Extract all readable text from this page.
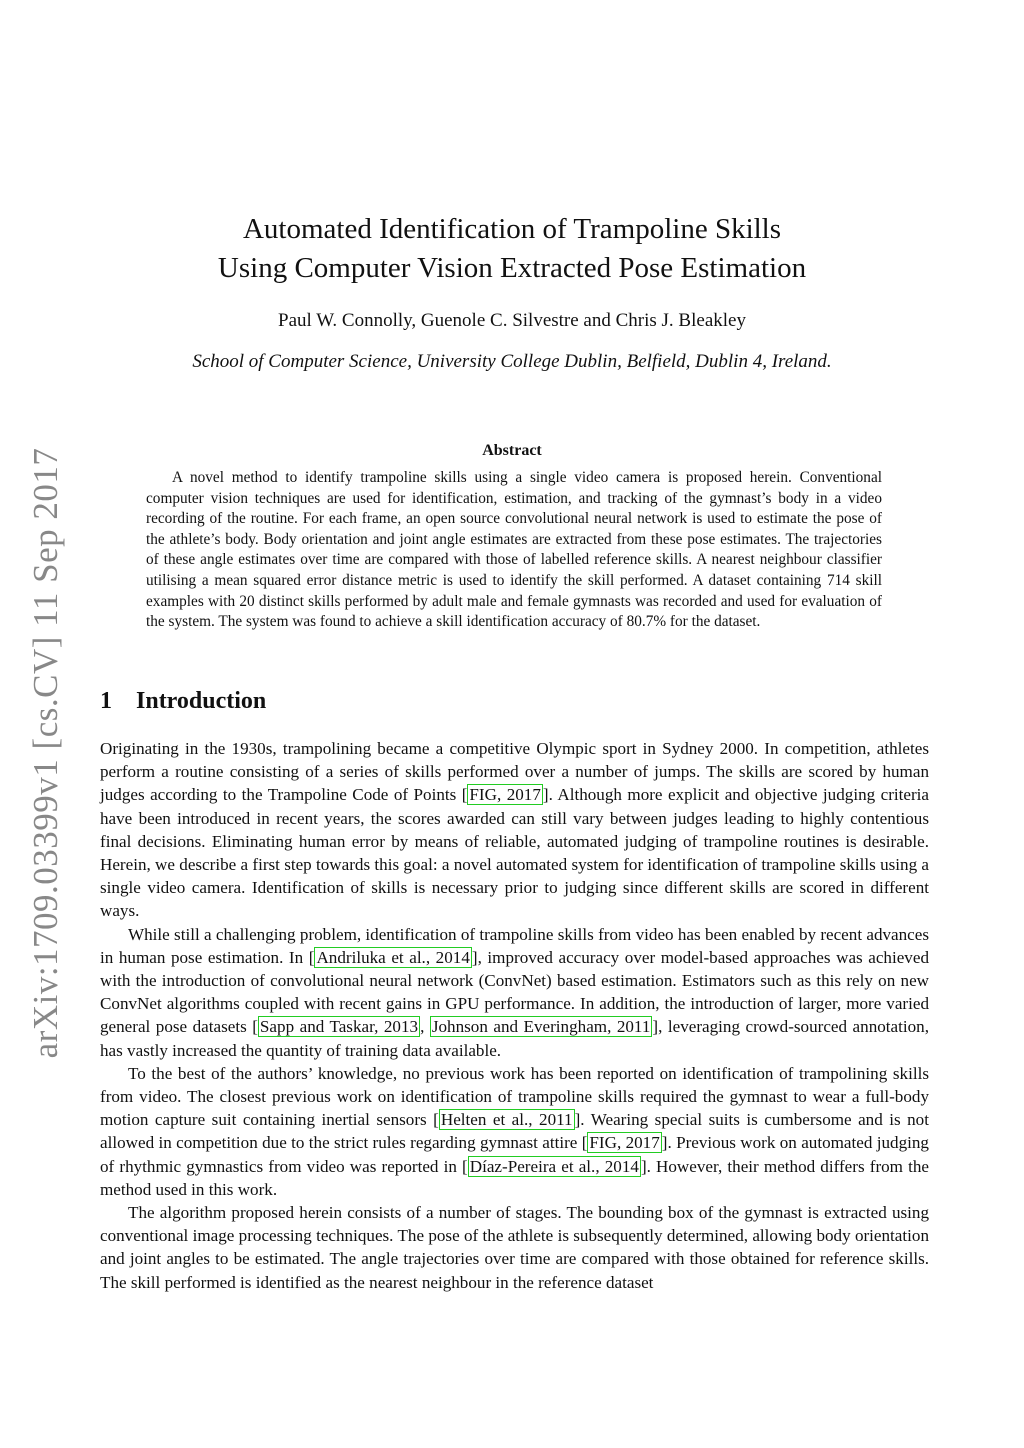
arXiv:1709.03399v1 [cs.CV] 11 Sep 2017
Automated Identification of Trampoline Skills
Using Computer Vision Extracted Pose Estimation
Paul W. Connolly, Guenole C. Silvestre and Chris J. Bleakley
School of Computer Science, University College Dublin, Belfield, Dublin 4, Ireland.
Abstract

A novel method to identify trampoline skills using a single video camera is proposed herein. Conventional computer vision techniques are used for identification, estimation, and tracking of the gymnast’s body in a video recording of the routine. For each frame, an open source convolutional neural network is used to estimate the pose of the athlete’s body. Body orientation and joint angle estimates are extracted from these pose estimates. The trajectories of these angle estimates over time are compared with those of labelled reference skills. A nearest neighbour classifier utilising a mean squared error distance metric is used to identify the skill performed. A dataset containing 714 skill examples with 20 distinct skills performed by adult male and female gymnasts was recorded and used for evaluation of the system. The system was found to achieve a skill identification accuracy of 80.7% for the dataset.

1 Introduction

Originating in the 1930s, trampolining became a competitive Olympic sport in Sydney 2000. In competition, athletes perform a routine consisting of a series of skills performed over a number of jumps. The skills are scored by human judges according to the Trampoline Code of Points [ FIG, 2017 ]. Although more explicit and objective judging criteria have been introduced in recent years, the scores awarded can still vary between judges leading to highly contentious final decisions. Eliminating human error by means of reliable, automated judging of trampoline routines is desirable. Herein, we describe a first step towards this goal: a novel automated system for identification of trampoline skills using a single video camera. Identification of skills is necessary prior to judging since different skills are scored in different ways.

While still a challenging problem, identification of trampoline skills from video has been enabled by recent advances in human pose estimation. In [ Andriluka et al., 2014 ], improved accuracy over model-based approaches was achieved with the introduction of convolutional neural network (ConvNet) based estimation. Estimators such as this rely on new ConvNet algorithms coupled with recent gains in GPU performance. In addition, the introduction of larger, more varied general pose datasets [ Sapp and Taskar, 2013 , Johnson and Everingham, 2011 ], leveraging crowd-sourced annotation, has vastly increased the quantity of training data available.

To the best of the authors’ knowledge, no previous work has been reported on identification of trampolining skills from video. The closest previous work on identification of trampoline skills required the gymnast to wear a full-body motion capture suit containing inertial sensors [ Helten et al., 2011 ]. Wearing special suits is cumbersome and is not allowed in competition due to the strict rules regarding gymnast attire [ FIG, 2017 ]. Previous work on automated judging of rhythmic gymnastics from video was reported in [ Díaz-Pereira et al., 2014 ]. However, their method differs from the method used in this work.

The algorithm proposed herein consists of a number of stages. The bounding box of the gymnast is extracted using conventional image processing techniques. The pose of the athlete is subsequently determined, allowing body orientation and joint angles to be estimated. The angle trajectories over time are compared with those obtained for reference skills. The skill performed is identified as the nearest neighbour in the reference dataset
